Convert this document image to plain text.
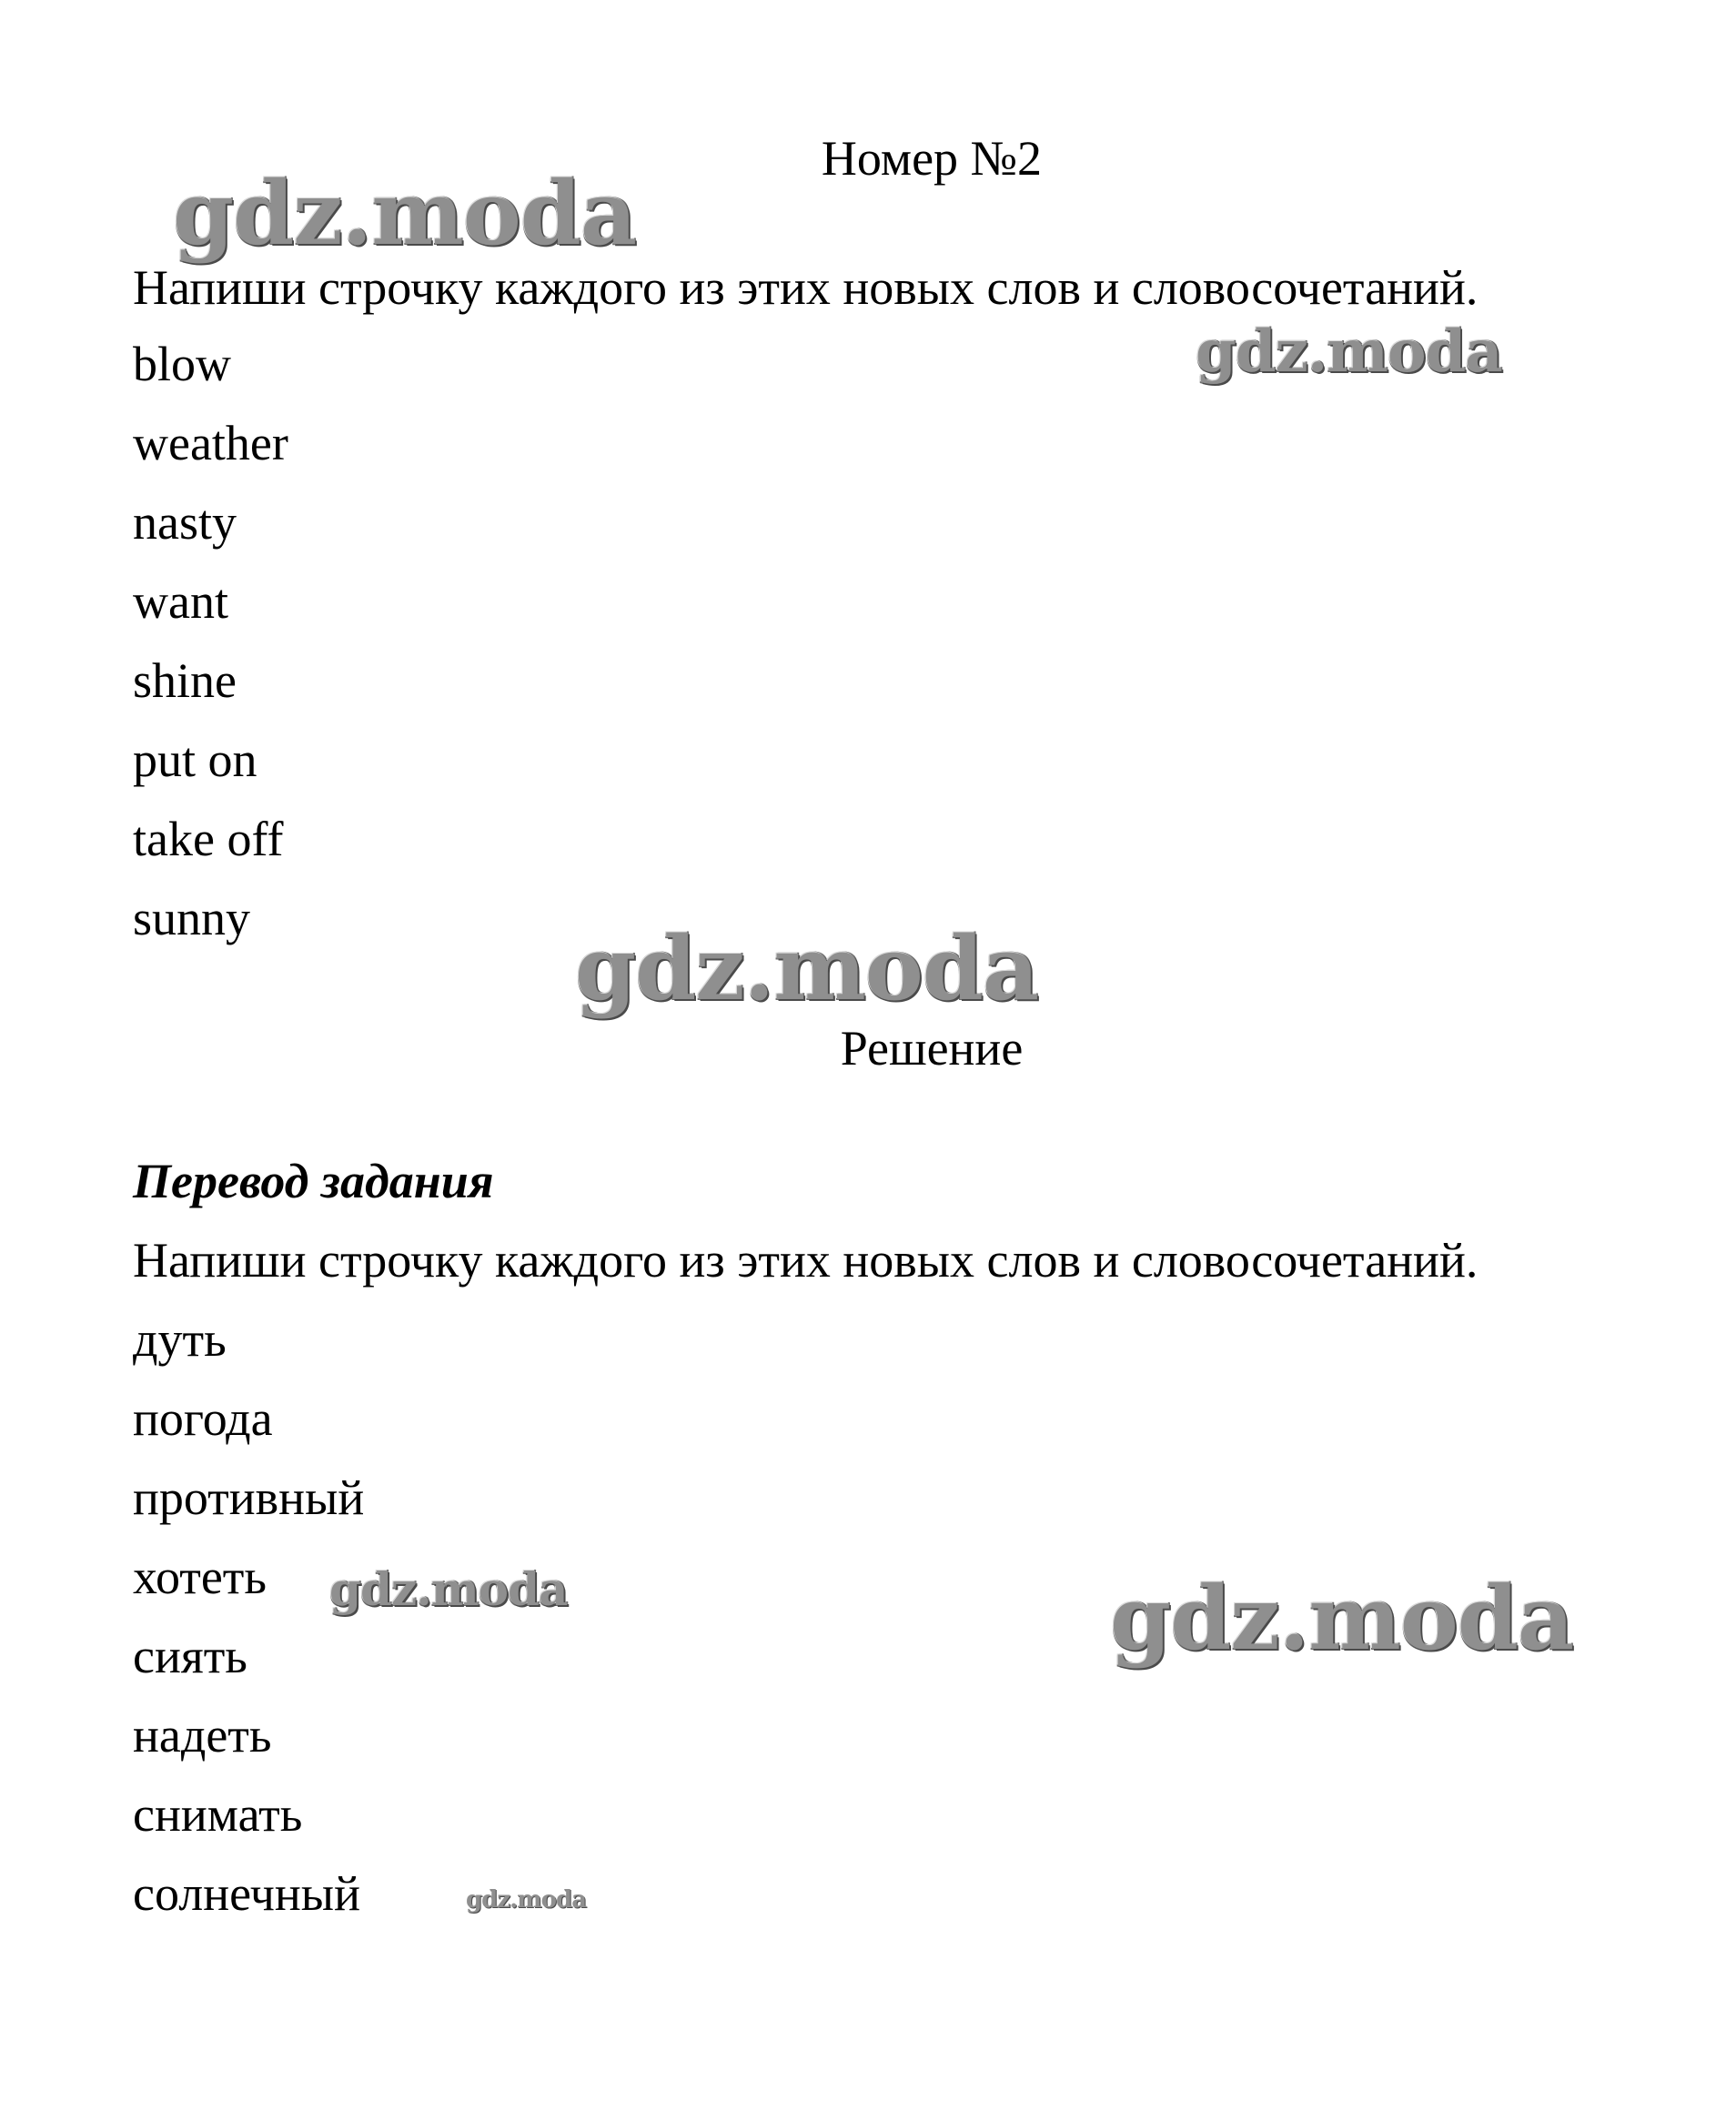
Номер №2
Напиши строчку каждого из этих новых слов и словосочетаний.
blow
weather
nasty
want
shine
put on
take off
sunny
Решение
Перевод задания
Напиши строчку каждого из этих новых слов и словосочетаний.
дуть
погода
противный
хотеть
сиять
надеть
снимать
солнечный
gdz.moda
gdz.moda
gdz.moda
gdz.moda	gdz.moda
gdz.moda
